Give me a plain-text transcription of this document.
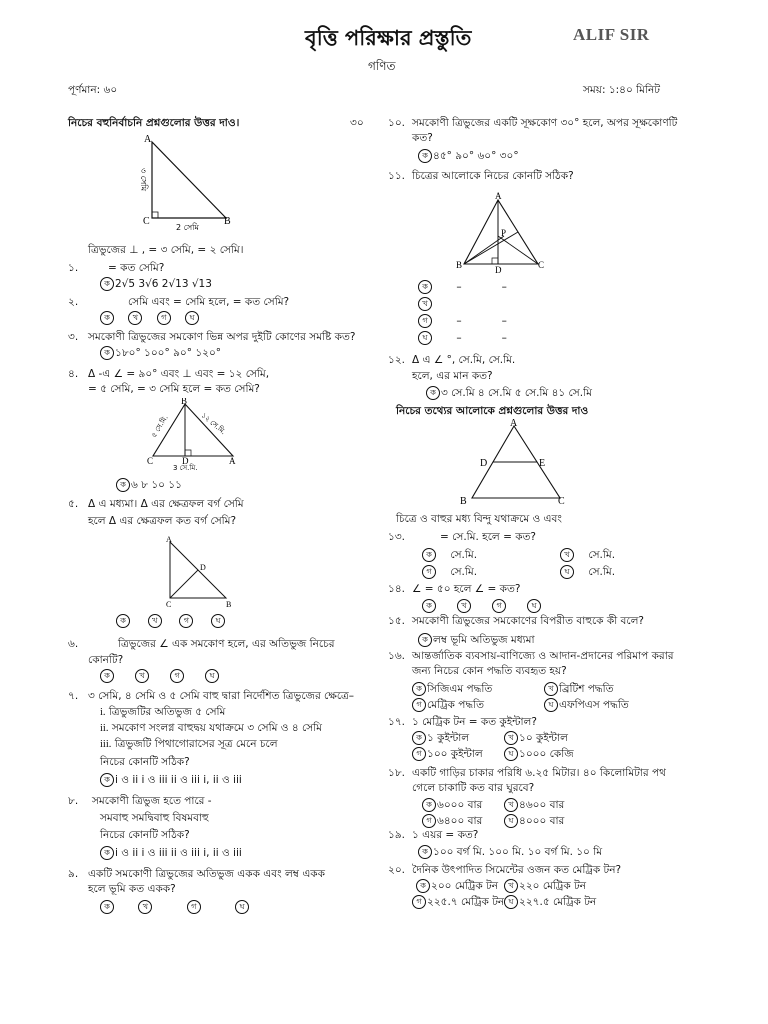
বৃত্তি পরিক্ষার প্রস্তুতি	ALIF SIR
গণিত
পূর্ণমান: ৬০	সময়: ১:৪০ মিনিট
নিচের বহুনির্বাচনি প্রশ্নগুলোর উত্তর দাও।	৩০
A
C	B
৩ সেমি
2 সেমি
ত্রিভুজের ⊥ , = ৩ সেমি, = ২ সেমি।
১.	= কত সেমি?
ক 2√5 3√6 2√13 √13
২.	সেমি এবং = সেমি হলে, = কত সেমি?
ক	খ	গ	ঘ
৩. সমকোণী ত্রিভুজের সমকোণ ভিন্ন অপর দুইটি কোণের সমষ্টি কত?
ক ১৮০° ১০০° ৯০° ১২০°
৪. Δ -এ ∠ = ৯০° এবং ⊥ এবং = ১২ সেমি,
= ৫ সেমি, = ৩ সেমি হলে = কত সেমি?
B
C	D	A
৫ সে.মি.	১২ সে.মি.
3 সে.মি.
ক ৬ ৮ ১০ ১১
৫. Δ এ মধ্যমা। Δ এর ক্ষেত্রফল বর্গ সেমি
হলে Δ এর ক্ষেত্রফল কত বর্গ সেমি?
A
D
C	B
ক	খ	গ	ঘ
৬.	ত্রিভুজের ∠ এক সমকোণ হলে, এর অতিভুজ নিচের
কোনটি?
ক	খ	গ	ঘ
৭. ৩ সেমি, ৪ সেমি ও ৫ সেমি বাহু দ্বারা নির্দেশিত ত্রিভুজের ক্ষেত্রে–
i. ত্রিভুজটির অতিভুজ ৫ সেমি
ii. সমকোণ সংলগ্ন বাহুদ্বয় যথাক্রমে ৩ সেমি ও ৪ সেমি
iii. ত্রিভুজটি পিথাগোরাসের সূত্র মেনে চলে
নিচের কোনটি সঠিক?
ক i ও ii i ও iii ii ও iii i, ii ও iii
৮. সমকোণী ত্রিভুজ হতে পারে -
সমবাহু সমদ্বিবাহু বিষমবাহু
নিচের কোনটি সঠিক?
ক i ও ii i ও iii ii ও iii i, ii ও iii
৯. একটি সমকোণী ত্রিভুজের অতিভুজ একক এবং লম্ব একক
হলে ভূমি কত একক?
ক	খ	গ	ঘ
১০. সমকোণী ত্রিভুজের একটি সূক্ষকোণ ৩০° হলে, অপর সূক্ষকোণটি
কত?
ক ৪৫° ৯০° ৬০° ৩০°
১১. চিত্রের আলোকে নিচের কোনটি সঠিক?
A
P
B	D	C
ক       –            –
খ
গ       –            –
ঘ       –            –
১২. Δ এ ∠ °, সে.মি, সে.মি.
হলে, এর মান কত?
ক ৩ সে.মি ৪ সে.মি ৫ সে.মি ৪১ সে.মি
নিচের তথ্যের আলোকে প্রশ্নগুলোর উত্তর দাও
A
D	E
B	C
চিত্রে ও বাহুর মধ্য বিন্দু যথাক্রমে ও এবং
১৩.	= সে.মি. হলে = কত?
ক সে.মি.	খ সে.মি.
গ সে.মি.	ঘ সে.মি.
১৪. ∠ = ৫০ হলে ∠ = কত?
ক	খ	গ	ঘ
১৫. সমকোণী ত্রিভুজের সমকোণের বিপরীত বাহুকে কী বলে?
ক লম্ব ভূমি অতিভুজ মধ্যমা
১৬. আন্তর্জাতিক ব্যবসায়-বাণিজ্যে ও আদান-প্রদানের পরিমাপ করার
জন্য নিচের কোন পদ্ধতি ব্যবহৃত হয়?
ক সিজিএম পদ্ধতি	খ ব্রিটিশ পদ্ধতি
গ মেট্রিক পদ্ধতি	ঘ এফপিএস পদ্ধতি
১৭. ১ মেট্রিক টন = কত কুইন্টাল?
ক ১ কুইন্টাল	খ ১০ কুইন্টাল
গ ১০০ কুইন্টাল	ঘ ১০০০ কেজি
১৮. একটি গাড়ির চাকার পরিধি ৬.২৫ মিটার। ৪০ কিলোমিটার পথ
গেলে চাকাটি কত বার ঘুরবে?
ক ৬০০০ বার	খ ৪৬০০ বার
গ ৬৪০০ বার	ঘ ৪০০০ বার
১৯. ১ এয়র = কত?
ক ১০০ বর্গ মি. ১০০ মি. ১০ বর্গ মি. ১০ মি
২০. দৈনিক উৎপাদিত সিমেন্টের ওজন কত মেট্রিক টন?
ক ২০০ মেট্রিক টন	খ ২২০ মেট্রিক টন
গ ২২৫.৭ মেট্রিক টন ঘ ২২৭.৫ মেট্রিক টন
